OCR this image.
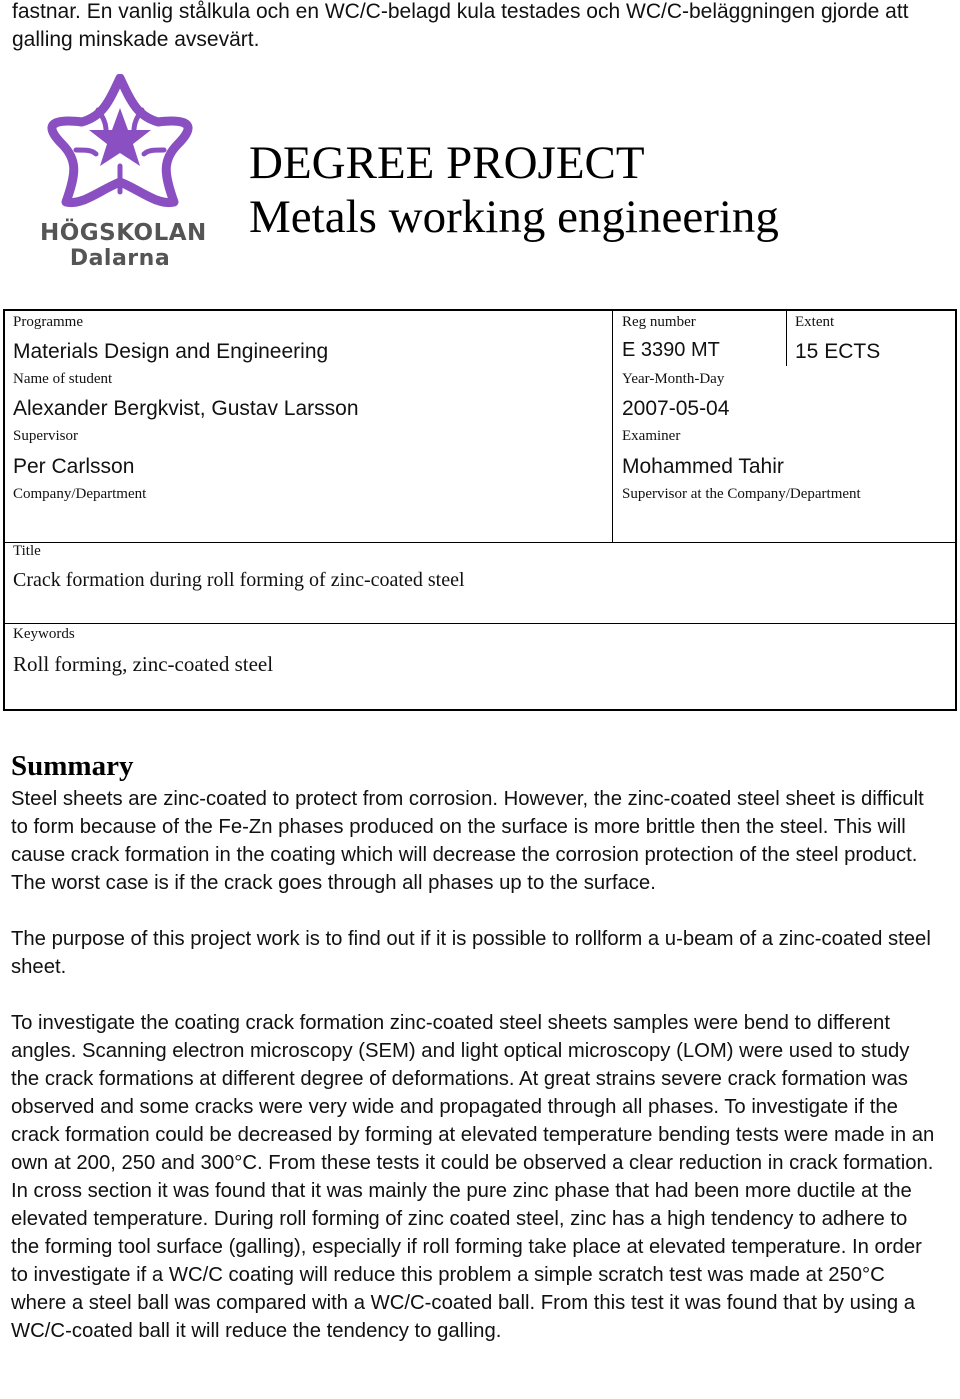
fastnar. En vanlig stålkula och en WC/C-belagd kula testades och WC/C-beläggningen gjorde att galling minskade avsevärt.
HÖGSKOLAN
Dalarna
DEGREE PROJECT
Metals working engineering
Programme
Materials Design and Engineering
Name of student
Alexander Bergkvist, Gustav Larsson
Supervisor
Per Carlsson
Company/Department
Reg number
E 3390 MT
Year-Month-Day
2007-05-04
Examiner
Mohammed Tahir
Supervisor at the Company/Department
Extent
15 ECTS
Title
Crack formation during roll forming of zinc-coated steel
Keywords
Roll forming, zinc-coated steel
Summary

Steel sheets are zinc-coated to protect from corrosion. However, the zinc-coated steel sheet is difficult to form because of the Fe-Zn phases produced on the surface is more brittle then the steel. This will cause crack formation in the coating which will decrease the corrosion protection of the steel product. The worst case is if the crack goes through all phases up to the surface.

The purpose of this project work is to find out if it is possible to rollform a u-beam of a zinc-coated steel sheet.

To investigate the coating crack formation zinc-coated steel sheets samples were bend to different angles. Scanning electron microscopy (SEM) and light optical microscopy (LOM) were used to study the crack formations at different degree of deformations. At great strains severe crack formation was observed and some cracks were very wide and propagated through all phases. To investigate if the crack formation could be decreased by forming at elevated temperature bending tests were made in an own at 200, 250 and 300°C. From these tests it could be observed a clear reduction in crack formation. In cross section it was found that it was mainly the pure zinc phase that had been more ductile at the elevated temperature. During roll forming of zinc coated steel, zinc has a high tendency to adhere to the forming tool surface (galling), especially if roll forming take place at elevated temperature. In order to investigate if a WC/C coating will reduce this problem a simple scratch test was made at 250°C where a steel ball was compared with a WC/C-coated ball. From this test it was found that by using a WC/C-coated ball it will reduce the tendency to galling.
